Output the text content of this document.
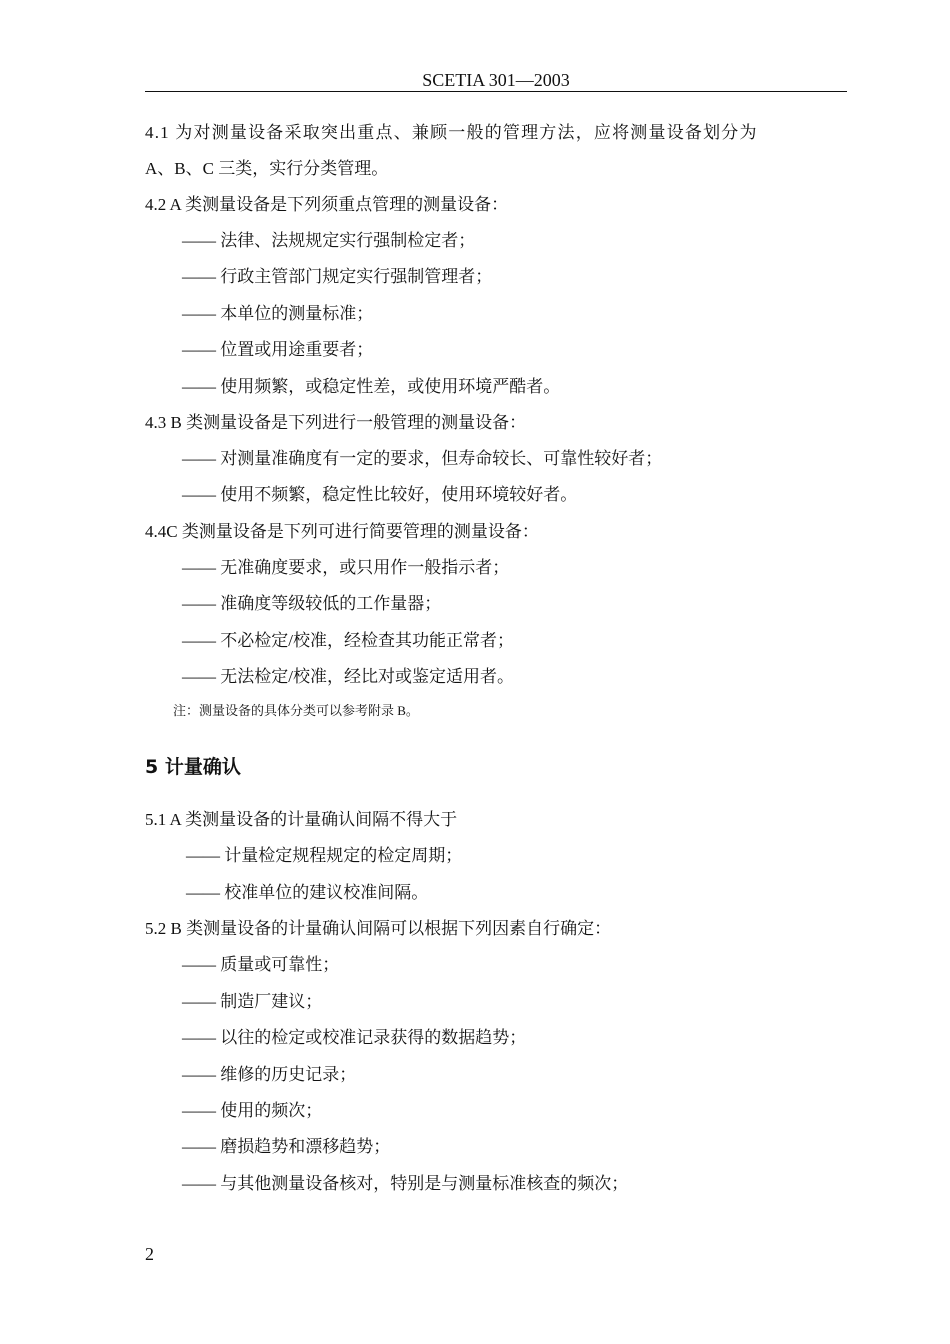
SCETIA 301—2003

4.1 为对测量设备采取突出重点、兼顾一般的管理方法，应将测量设备划分为

A、B、C 三类，实行分类管理。

4.2 A 类测量设备是下列须重点管理的测量设备：

—— 法律、法规规定实行强制检定者；

—— 行政主管部门规定实行强制管理者；

—— 本单位的测量标准；

—— 位置或用途重要者；

—— 使用频繁，或稳定性差，或使用环境严酷者。

4.3 B 类测量设备是下列进行一般管理的测量设备：

—— 对测量准确度有一定的要求，但寿命较长、可靠性较好者；

—— 使用不频繁，稳定性比较好，使用环境较好者。

4.4C 类测量设备是下列可进行简要管理的测量设备：

—— 无准确度要求，或只用作一般指示者；

—— 准确度等级较低的工作量器；

—— 不必检定/校准，经检查其功能正常者；

—— 无法检定/校准，经比对或鉴定适用者。

注：测量设备的具体分类可以参考附录 B。

5 计量确认

5.1 A 类测量设备的计量确认间隔不得大于

—— 计量检定规程规定的检定周期；

—— 校准单位的建议校准间隔。

5.2 B 类测量设备的计量确认间隔可以根据下列因素自行确定：

—— 质量或可靠性；

—— 制造厂建议；

—— 以往的检定或校准记录获得的数据趋势；

—— 维修的历史记录；

—— 使用的频次；

—— 磨损趋势和漂移趋势；

—— 与其他测量设备核对，特别是与测量标准核查的频次；

2
